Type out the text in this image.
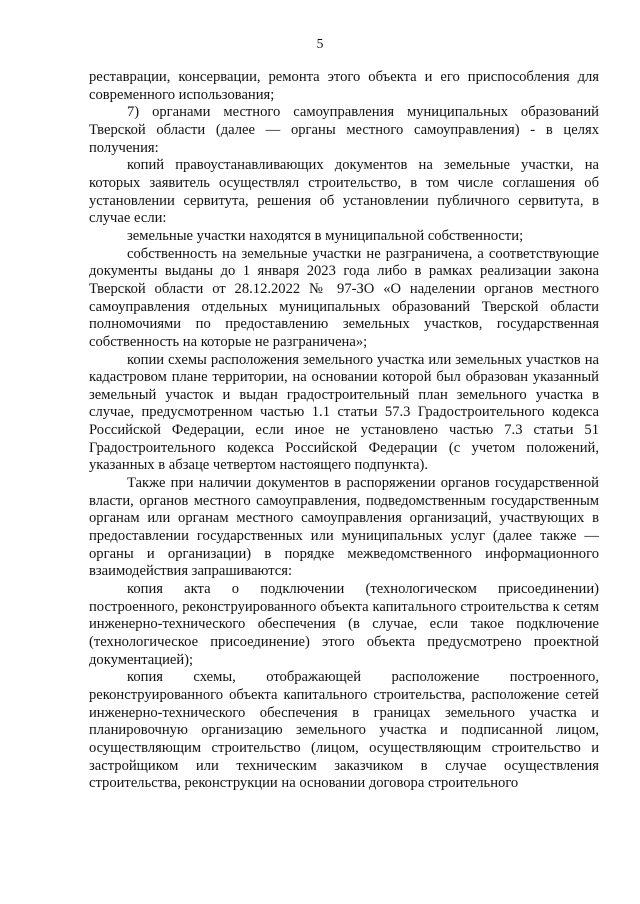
5

реставрации, консервации, ремонта этого объекта и его приспособления для современного использования;

7) органами местного самоуправления муниципальных образований Тверской области (далее — органы местного самоуправления) - в целях получения:

копий правоустанавливающих документов на земельные участки, на которых заявитель осуществлял строительство, в том числе соглашения об установлении сервитута, решения об установлении публичного сервитута, в случае если:

земельные участки находятся в муниципальной собственности;

собственность на земельные участки не разграничена, а соответствующие документы выданы до 1 января 2023 года либо в рамках реализации закона Тверской области от 28.12.2022 № 97-ЗО «О наделении органов местного самоуправления отдельных муниципальных образований Тверской области полномочиями по предоставлению земельных участков, государственная собственность на которые не разграничена»;

копии схемы расположения земельного участка или земельных участков на кадастровом плане территории, на основании которой был образован указанный земельный участок и выдан градостроительный план земельного участка в случае, предусмотренном частью 1.1 статьи 57.3 Градостроительного кодекса Российской Федерации, если иное не установлено частью 7.3 статьи 51 Градостроительного кодекса Российской Федерации (с учетом положений, указанных в абзаце четвертом настоящего подпункта).

Также при наличии документов в распоряжении органов государственной власти, органов местного самоуправления, подведомственным государственным органам или органам местного самоуправления организаций, участвующих в предоставлении государственных или муниципальных услуг (далее также — органы и организации) в порядке межведомственного информационного взаимодействия запрашиваются:

копия акта о подключении (технологическом присоединении) построенного, реконструированного объекта капитального строительства к сетям инженерно-технического обеспечения (в случае, если такое подключение (технологическое присоединение) этого объекта предусмотрено проектной документацией);

копия схемы, отображающей расположение построенного, реконструированного объекта капитального строительства, расположение сетей инженерно-технического обеспечения в границах земельного участка и планировочную организацию земельного участка и подписанной лицом, осуществляющим строительство (лицом, осуществляющим строительство и застройщиком или техническим заказчиком в случае осуществления строительства, реконструкции на основании договора строительного
